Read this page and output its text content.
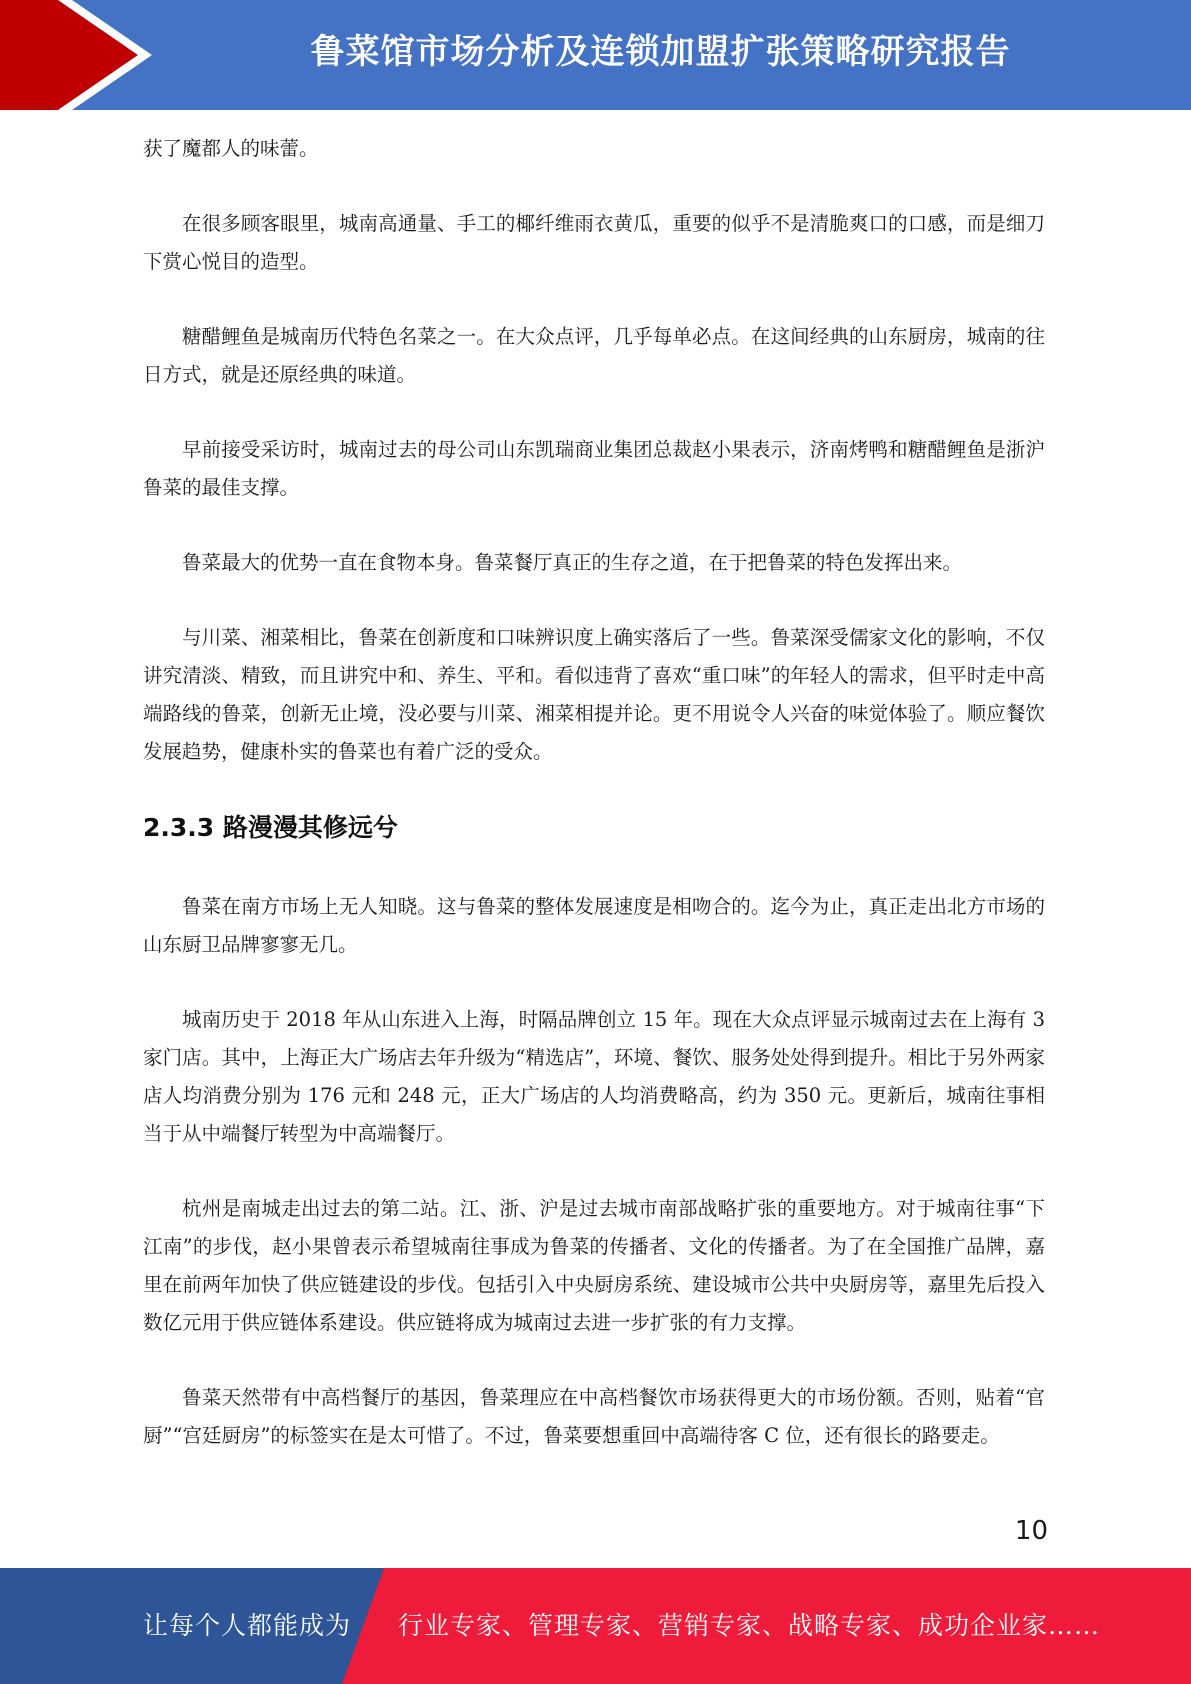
鲁菜馆市场分析及连锁加盟扩张策略研究报告

获了魔都人的味蕾。

在很多顾客眼里，城南高通量、手工的椰纤维雨衣黄瓜，重要的似乎不是清脆爽口的口感，而是细刀下赏心悦目的造型。

糖醋鲤鱼是城南历代特色名菜之一。在大众点评，几乎每单必点。在这间经典的山东厨房，城南的往日方式，就是还原经典的味道。

早前接受采访时，城南过去的母公司山东凯瑞商业集团总裁赵小果表示，济南烤鸭和糖醋鲤鱼是浙沪鲁菜的最佳支撑。

鲁菜最大的优势一直在食物本身。鲁菜餐厅真正的生存之道，在于把鲁菜的特色发挥出来。

与川菜、湘菜相比，鲁菜在创新度和口味辨识度上确实落后了一些。鲁菜深受儒家文化的影响，不仅讲究清淡、精致，而且讲究中和、养生、平和。看似违背了喜欢“重口味”的年轻人的需求，但平时走中高端路线的鲁菜，创新无止境，没必要与川菜、湘菜相提并论。更不用说令人兴奋的味觉体验了。顺应餐饮发展趋势，健康朴实的鲁菜也有着广泛的受众。

2.3.3 路漫漫其修远兮

鲁菜在南方市场上无人知晓。这与鲁菜的整体发展速度是相吻合的。迄今为止，真正走出北方市场的山东厨卫品牌寥寥无几。

城南历史于 2018 年从山东进入上海，时隔品牌创立 15 年。现在大众点评显示城南过去在上海有 3 家门店。其中，上海正大广场店去年升级为“精选店”，环境、餐饮、服务处处得到提升。相比于另外两家店人均消费分别为 176 元和 248 元，正大广场店的人均消费略高，约为 350 元。更新后，城南往事相当于从中端餐厅转型为中高端餐厅。

杭州是南城走出过去的第二站。江、浙、沪是过去城市南部战略扩张的重要地方。对于城南往事“下江南”的步伐，赵小果曾表示希望城南往事成为鲁菜的传播者、文化的传播者。为了在全国推广品牌，嘉里在前两年加快了供应链建设的步伐。包括引入中央厨房系统、建设城市公共中央厨房等，嘉里先后投入数亿元用于供应链体系建设。供应链将成为城南过去进一步扩张的有力支撑。

鲁菜天然带有中高档餐厅的基因，鲁菜理应在中高档餐饮市场获得更大的市场份额。否则，贴着“官厨”“宫廷厨房”的标签实在是太可惜了。不过，鲁菜要想重回中高端待客 C 位，还有很长的路要走。

10
让每个人都能成为 行业专家、管理专家、营销专家、战略专家、成功企业家……
